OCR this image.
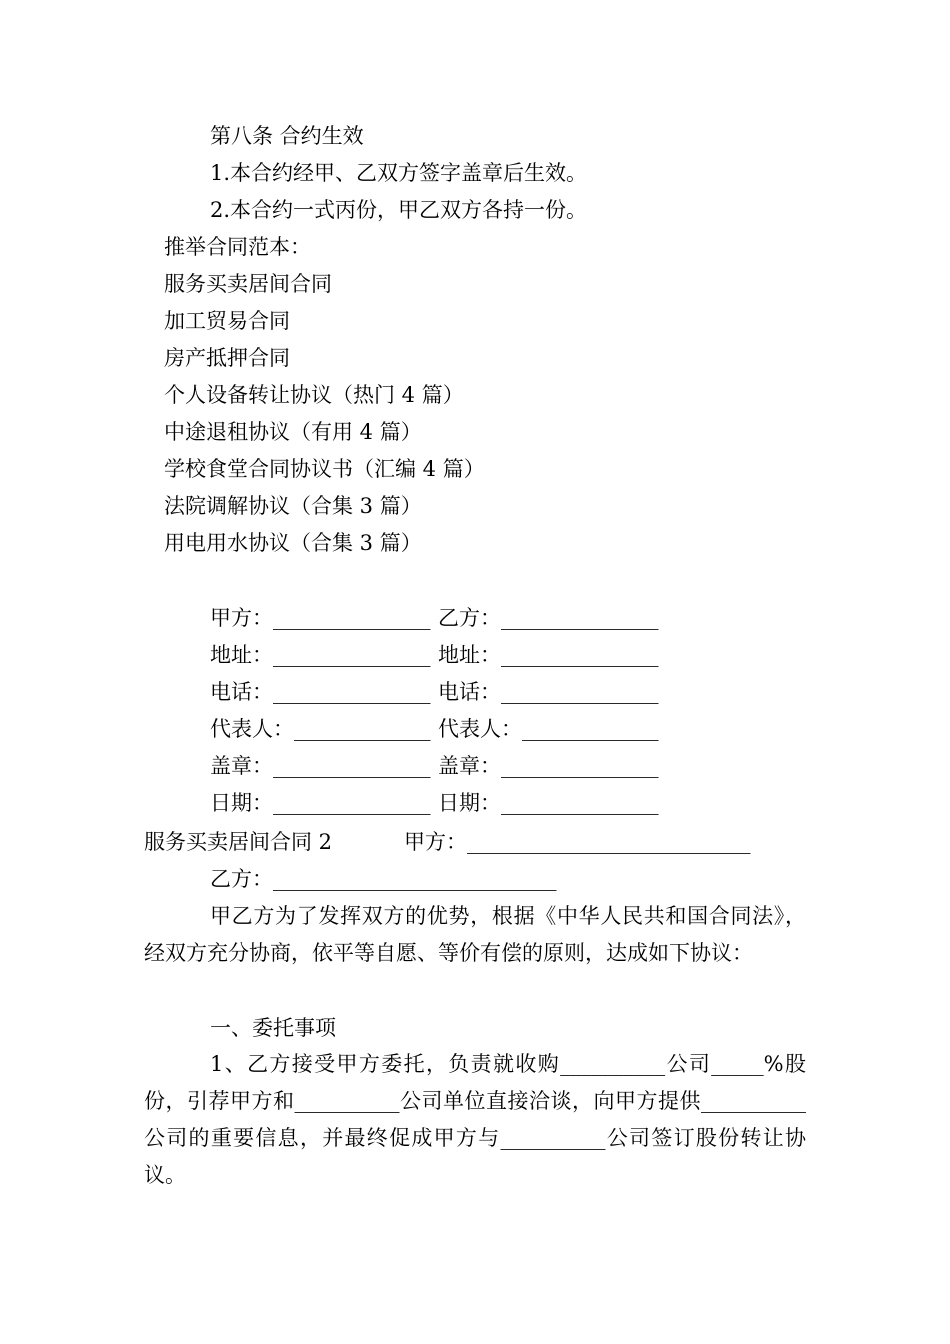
第八条 合约生效
1.本合约经甲、乙双方签字盖章后生效。
2.本合约一式丙份，甲乙双方各持一份。
推举合同范本：
服务买卖居间合同
加工贸易合同
房产抵押合同
个人设备转让协议（热门 4 篇）
中途退租协议（有用 4 篇）
学校食堂合同协议书（汇编 4 篇）
法院调解协议（合集 3 篇）
用电用水协议（合集 3 篇）
甲方：_______________ 乙方：_______________
地址：_______________ 地址：_______________
电话：_______________ 电话：_______________
代表人：_____________ 代表人：_____________
盖章：_______________ 盖章：_______________
日期：_______________ 日期：_______________
服务买卖居间合同 2	甲方：___________________________
乙方：___________________________
甲乙方为了发挥双方的优势，根据《中华人民共和国合同法》，经双方充分协商，依平等自愿、等价有偿的原则，达成如下协议：
一、委托事项
1、乙方接受甲方委托，负责就收购__________公司_____%股份，引荐甲方和__________公司单位直接洽谈，向甲方提供__________公司的重要信息，并最终促成甲方与__________公司签订股份转让协议。
